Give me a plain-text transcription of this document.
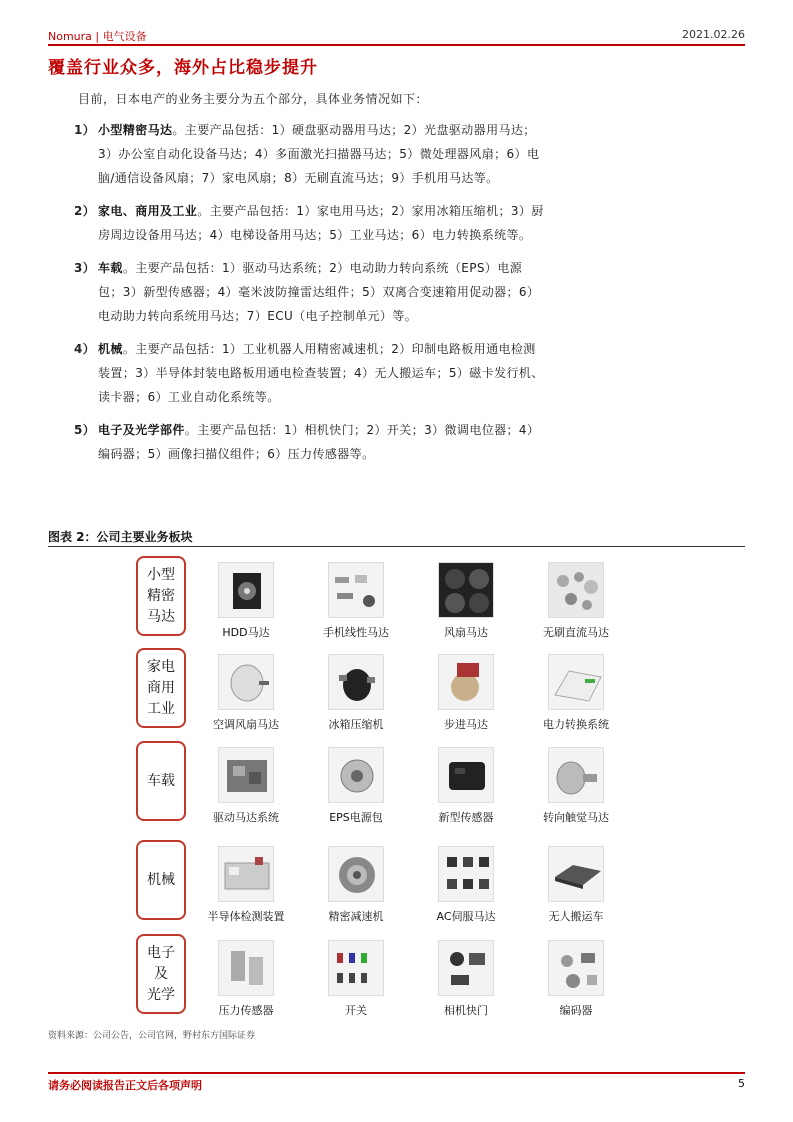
Nomura | 电气设备	2021.02.26
覆盖行业众多，海外占比稳步提升
目前，日本电产的业务主要分为五个部分，具体业务情况如下：
1） 小型精密马达。主要产品包括：1）硬盘驱动器用马达；2）光盘驱动器用马达；3）办公室自动化设备马达；4）多面激光扫描器马达；5）微处理器风扇；6）电脑/通信设备风扇；7）家电风扇；8）无刷直流马达；9）手机用马达等。
2） 家电、商用及工业。主要产品包括：1）家电用马达；2）家用冰箱压缩机；3）厨房周边设备用马达；4）电梯设备用马达；5）工业马达；6）电力转换系统等。
3） 车载。主要产品包括：1）驱动马达系统；2）电动助力转向系统（EPS）电源包；3）新型传感器；4）毫米波防撞雷达组件；5）双离合变速箱用促动器；6）电动助力转向系统用马达；7）ECU（电子控制单元）等。
4） 机械。主要产品包括：1）工业机器人用精密减速机；2）印制电路板用通电检测装置；3）半导体封装电路板用通电检查装置；4）无人搬运车；5）磁卡发行机、读卡器；6）工业自动化系统等。
5） 电子及光学部件。主要产品包括：1）相机快门；2）开关；3）微调电位器；4）编码器；5）画像扫描仪组件；6）压力传感器等。
图表 2：公司主要业务板块
小型
精密
马达
HDD马达	手机线性马达	风扇马达	无刷直流马达
家电
商用
工业
空调风扇马达	冰箱压缩机	步进马达	电力转换系统
车载
驱动马达系统	EPS电源包	新型传感器	转向触觉马达
机械
半导体检测装置	精密减速机	AC伺服马达	无人搬运车
电子
及
光学
压力传感器	开关	相机快门	编码器
资料来源：公司公告，公司官网，野村东方国际证券
请务必阅读报告正文后各项声明	5
